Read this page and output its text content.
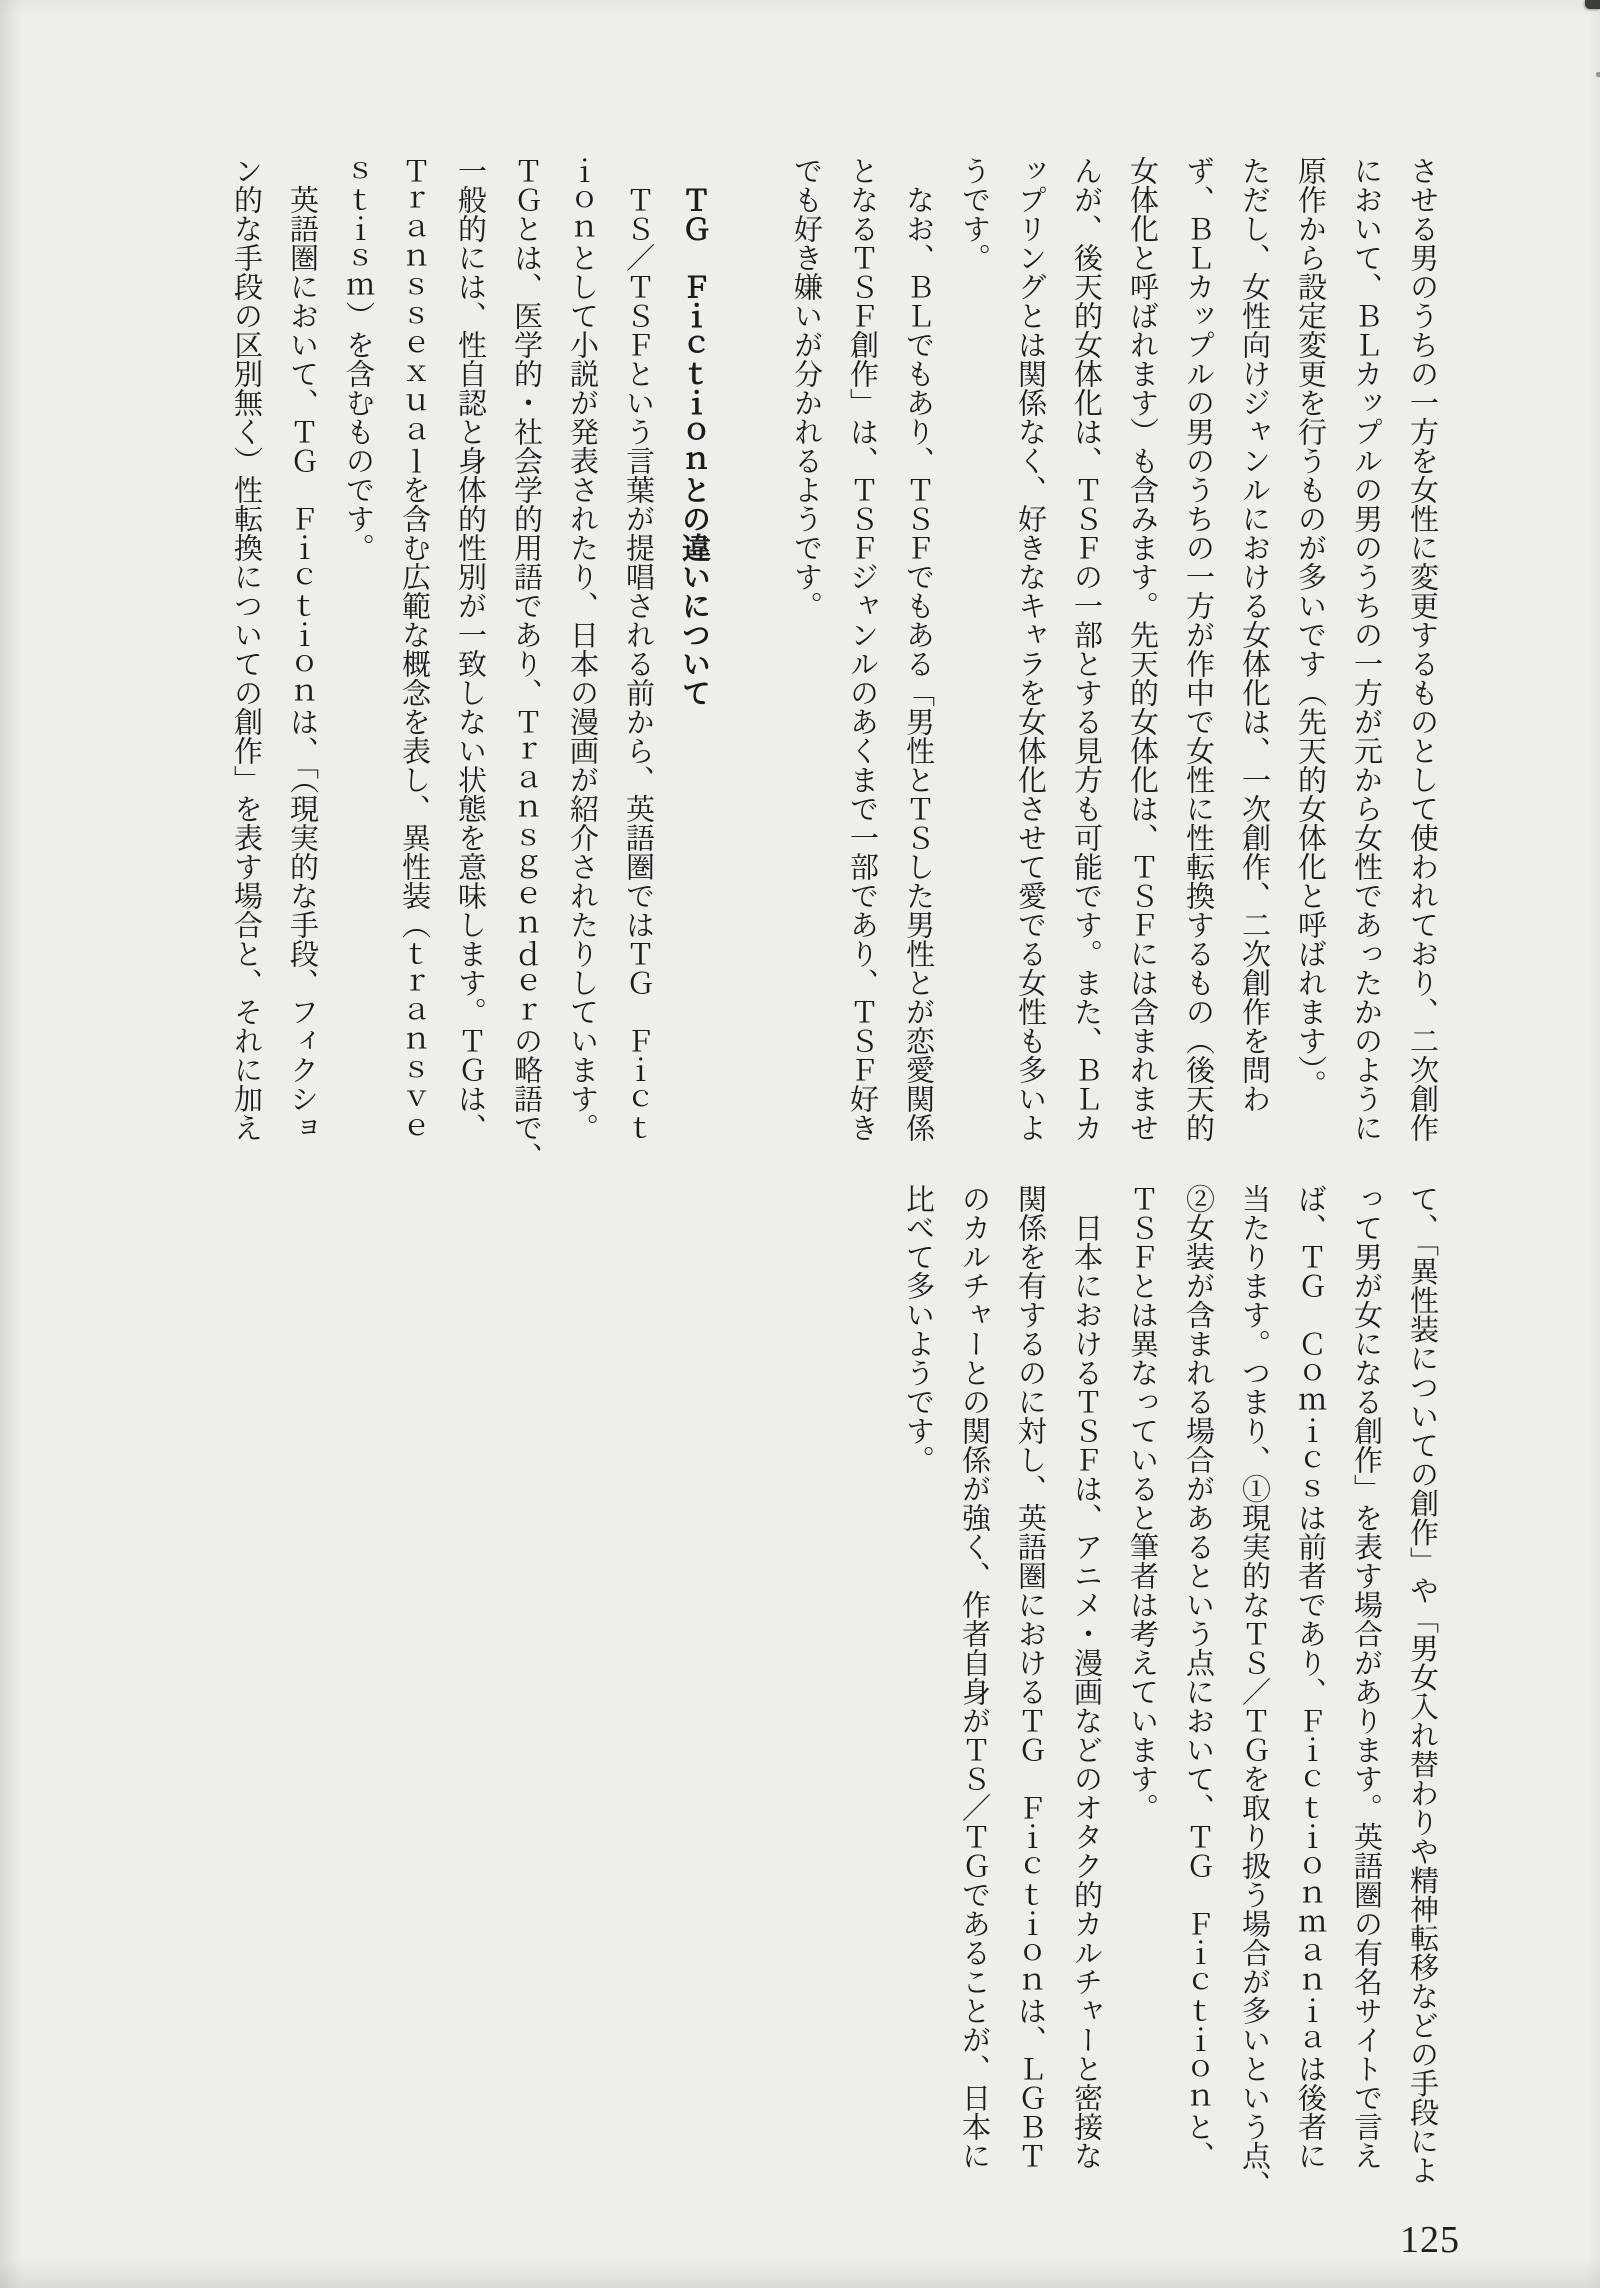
させる男のうちの一方を女性に変更するものとして使われており、二次創作

において、ＢＬカップルの男のうちの一方が元から女性であったかのように

原作から設定変更を行うものが多いです（先天的女体化と呼ばれます）。

ただし、女性向けジャンルにおける女体化は、一次創作、二次創作を問わ

ず、ＢＬカップルの男のうちの一方が作中で女性に性転換するもの（後天的

女体化と呼ばれます）も含みます。先天的女体化は、ＴＳＦには含まれませ

んが、後天的女体化は、ＴＳＦの一部とする見方も可能です。また、ＢＬカ

ップリングとは関係なく、好きなキャラを女体化させて愛でる女性も多いよ

うです。

　なお、ＢＬでもあり、ＴＳＦでもある「男性とＴＳした男性とが恋愛関係

となるＴＳＦ創作」は、ＴＳＦジャンルのあくまで一部であり、ＴＳＦ好き

でも好き嫌いが分かれるようです。

　ＴＧ　Ｆｉｃｔｉｏｎとの違いについて

　ＴＳ／ＴＳＦという言葉が提唱される前から、英語圏ではＴＧ　Ｆｉｃｔ

ｉｏｎとして小説が発表されたり、日本の漫画が紹介されたりしています。

ＴＧとは、医学的・社会学的用語であり、Ｔｒａｎｓｇｅｎｄｅｒの略語で、

一般的には、性自認と身体的性別が一致しない状態を意味します。ＴＧは、

Ｔｒａｎｓｓｅｘｕａｌを含む広範な概念を表し、異性装（ｔｒａｎｓｖｅ

ｓｔｉｓｍ）を含むものです。

　英語圏において、ＴＧ　Ｆｉｃｔｉｏｎは、「（現実的な手段、フィクショ

ン的な手段の区別無く）性転換についての創作」を表す場合と、それに加え

て、「異性装についての創作」や「男女入れ替わりや精神転移などの手段によ

って男が女になる創作」を表す場合があります。英語圏の有名サイトで言え

ば、ＴＧ　Ｃｏｍｉｃｓは前者であり、Ｆｉｃｔｉｏｎｍａｎｉａは後者に

当たります。つまり、①現実的なＴＳ／ＴＧを取り扱う場合が多いという点、

②女装が含まれる場合があるという点において、ＴＧ　Ｆｉｃｔｉｏｎと、

ＴＳＦとは異なっていると筆者は考えています。

　日本におけるＴＳＦは、アニメ・漫画などのオタク的カルチャーと密接な

関係を有するのに対し、英語圏におけるＴＧ　Ｆｉｃｔｉｏｎは、ＬＧＢＴ

のカルチャーとの関係が強く、作者自身がＴＳ／ＴＧであることが、日本に

比べて多いようです。

125
